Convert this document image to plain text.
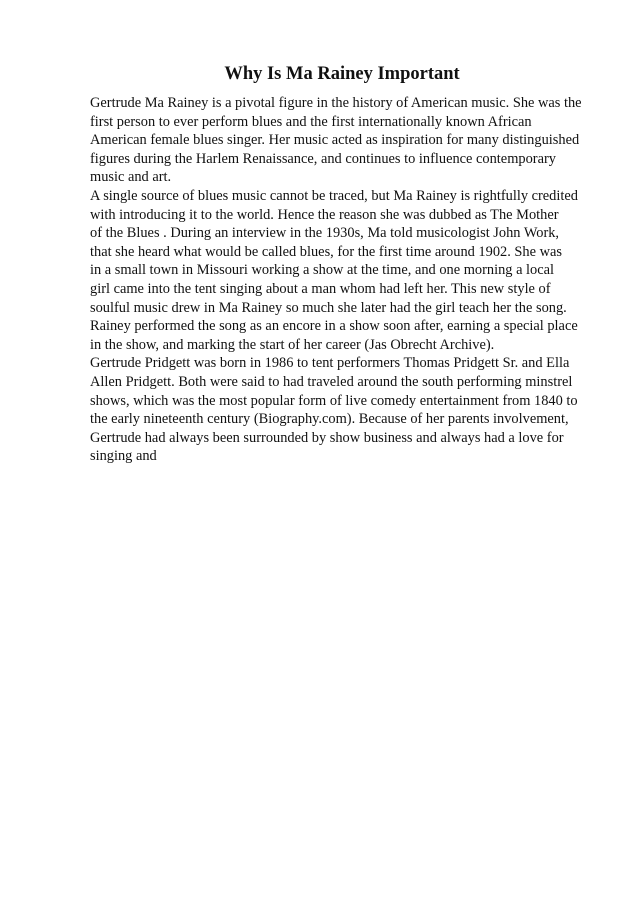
Why Is Ma Rainey Important
Gertrude Ma Rainey is a pivotal figure in the history of American music. She was the
first person to ever perform blues and the first internationally known African
American female blues singer. Her music acted as inspiration for many distinguished
figures during the Harlem Renaissance, and continues to influence contemporary
music and art.
A single source of blues music cannot be traced, but Ma Rainey is rightfully credited
with introducing it to the world. Hence the reason she was dubbed as The Mother
of the Blues . During an interview in the 1930s, Ma told musicologist John Work,
that she heard what would be called blues, for the first time around 1902. She was
in a small town in Missouri working a show at the time, and one morning a local
girl came into the tent singing about a man whom had left her. This new style of
soulful music drew in Ma Rainey so much she later had the girl teach her the song.
Rainey performed the song as an encore in a show soon after, earning a special place
in the show, and marking the start of her career (Jas Obrecht Archive).
Gertrude Pridgett was born in 1986 to tent performers Thomas Pridgett Sr. and Ella
Allen Pridgett. Both were said to had traveled around the south performing minstrel
shows, which was the most popular form of live comedy entertainment from 1840 to
the early nineteenth century (Biography.com). Because of her parents involvement,
Gertrude had always been surrounded by show business and always had a love for
singing and
